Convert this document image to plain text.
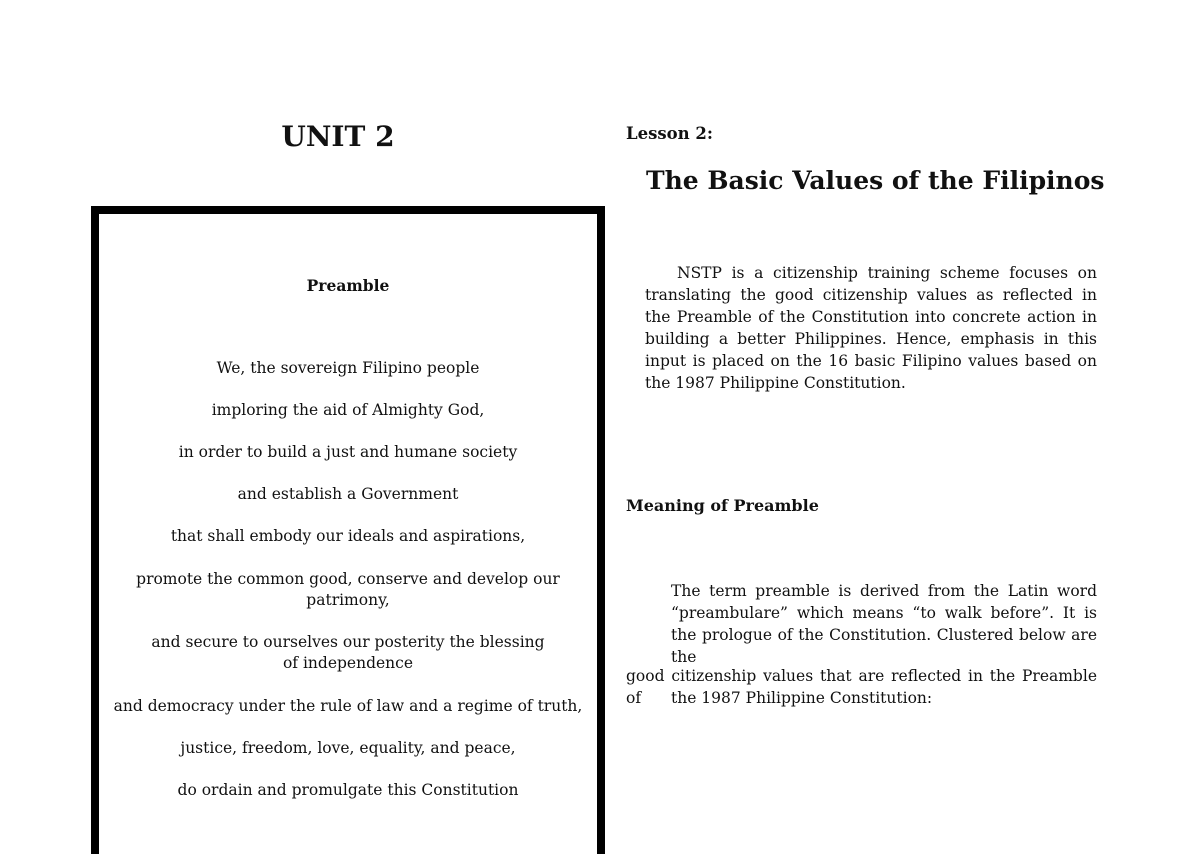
UNIT 2
Preamble
We, the sovereign Filipino people
imploring the aid of Almighty God,
in order to build a just and humane society
and establish a Government
that shall embody our ideals and aspirations,
promote the common good, conserve and develop our patrimony,
and secure to ourselves our posterity the blessing of independence
and democracy under the rule of law and a regime of truth,
justice, freedom, love, equality, and peace,
do ordain and promulgate this Constitution
Lesson 2:
The Basic Values of the Filipinos
NSTP is a citizenship training scheme focuses on translating the good citizenship values as reflected in the Preamble of the Constitution into concrete action in building a better Philippines. Hence, emphasis in this input is placed on the 16 basic Filipino values based on the 1987 Philippine Constitution.
Meaning of Preamble
The term preamble is derived from the Latin word “preambulare” which means “to walk before”. It is the prologue of the Constitution. Clustered below are the
good citizenship values that are reflected in the Preamble of	the 1987 Philippine Constitution:
